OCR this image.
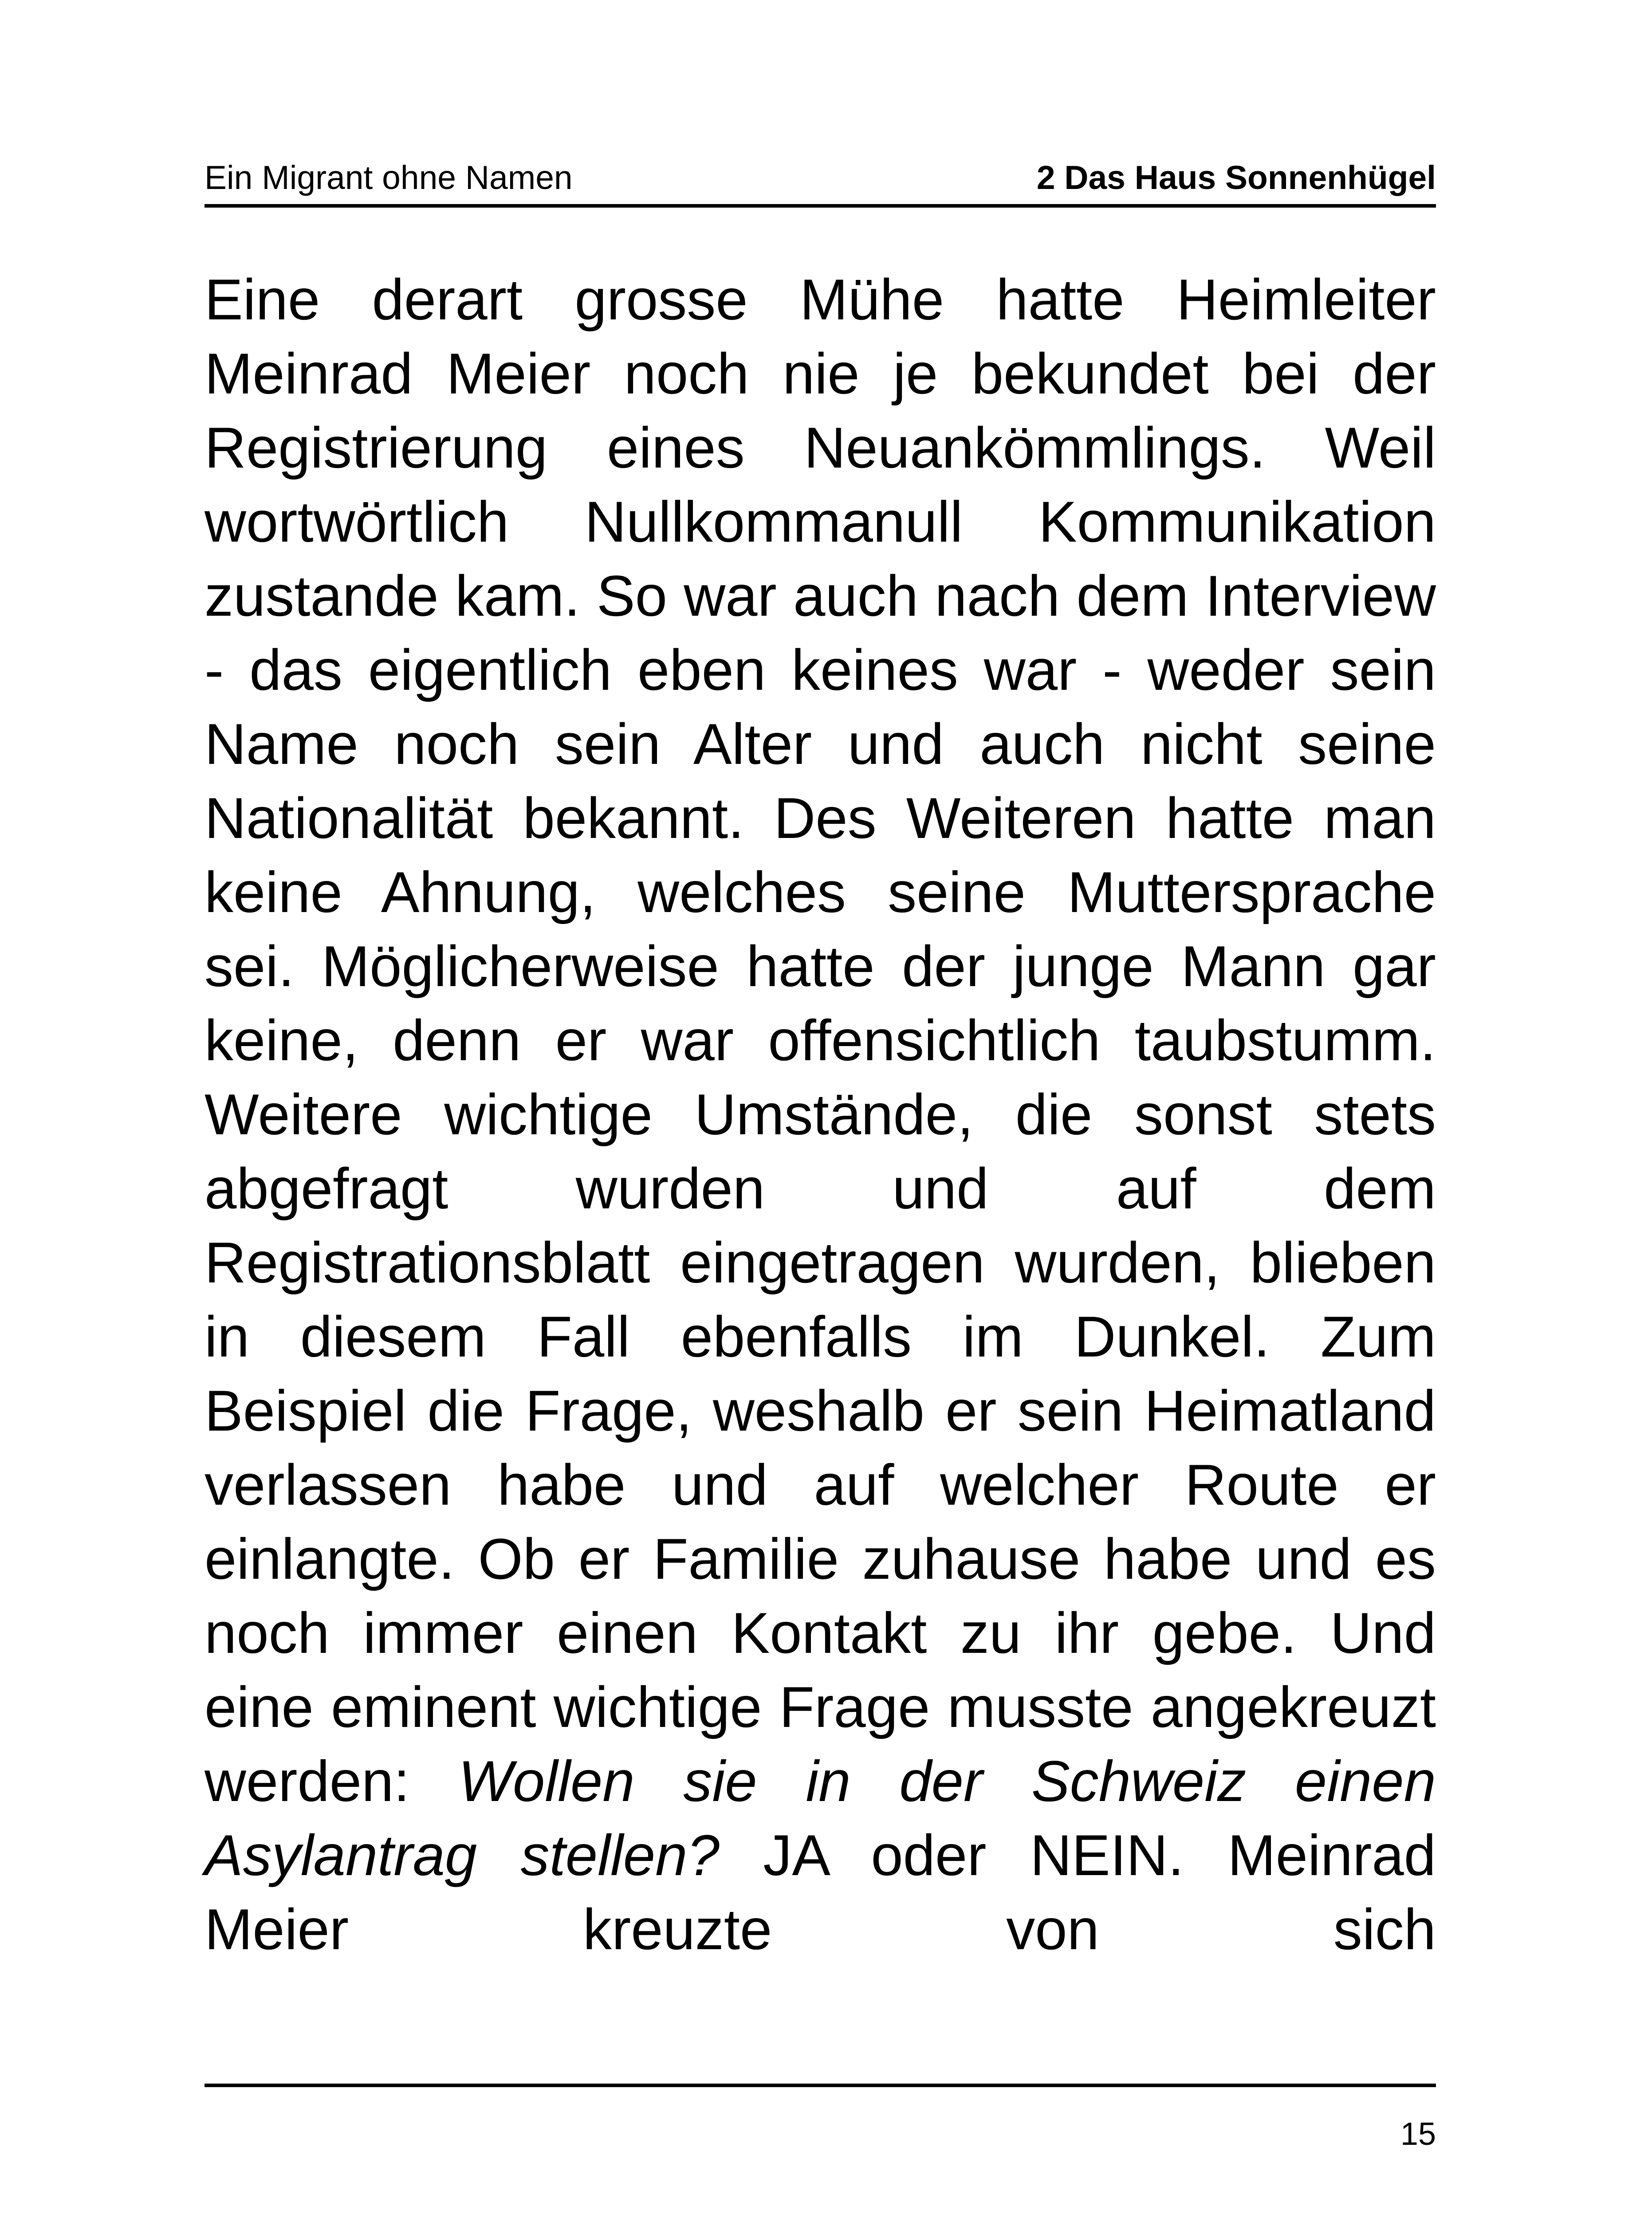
Ein Migrant ohne Namen	2 Das Haus Sonnenhügel

Eine derart grosse Mühe hatte Heimleiter Meinrad Meier noch nie je bekundet bei der Registrierung eines Neuankömmlings. Weil wortwörtlich Nullkommanull Kommunikation zustande kam. So war auch nach dem Interview - das eigentlich eben keines war - weder sein Name noch sein Alter und auch nicht seine Nationalität bekannt. Des Weiteren hatte man keine Ahnung, welches seine Muttersprache sei. Möglicherweise hatte der junge Mann gar keine, denn er war offensichtlich taubstumm. Weitere wichtige Umstände, die sonst stets abgefragt wurden und auf dem Registrationsblatt eingetragen wurden, blieben in diesem Fall ebenfalls im Dunkel. Zum Beispiel die Frage, weshalb er sein Heimatland verlassen habe und auf welcher Route er einlangte. Ob er Familie zuhause habe und es noch immer einen Kontakt zu ihr gebe. Und eine eminent wichtige Frage musste angekreuzt werden: Wollen sie in der Schweiz einen Asylantrag stellen? JA oder NEIN. Meinrad Meier kreuzte von sich

15
